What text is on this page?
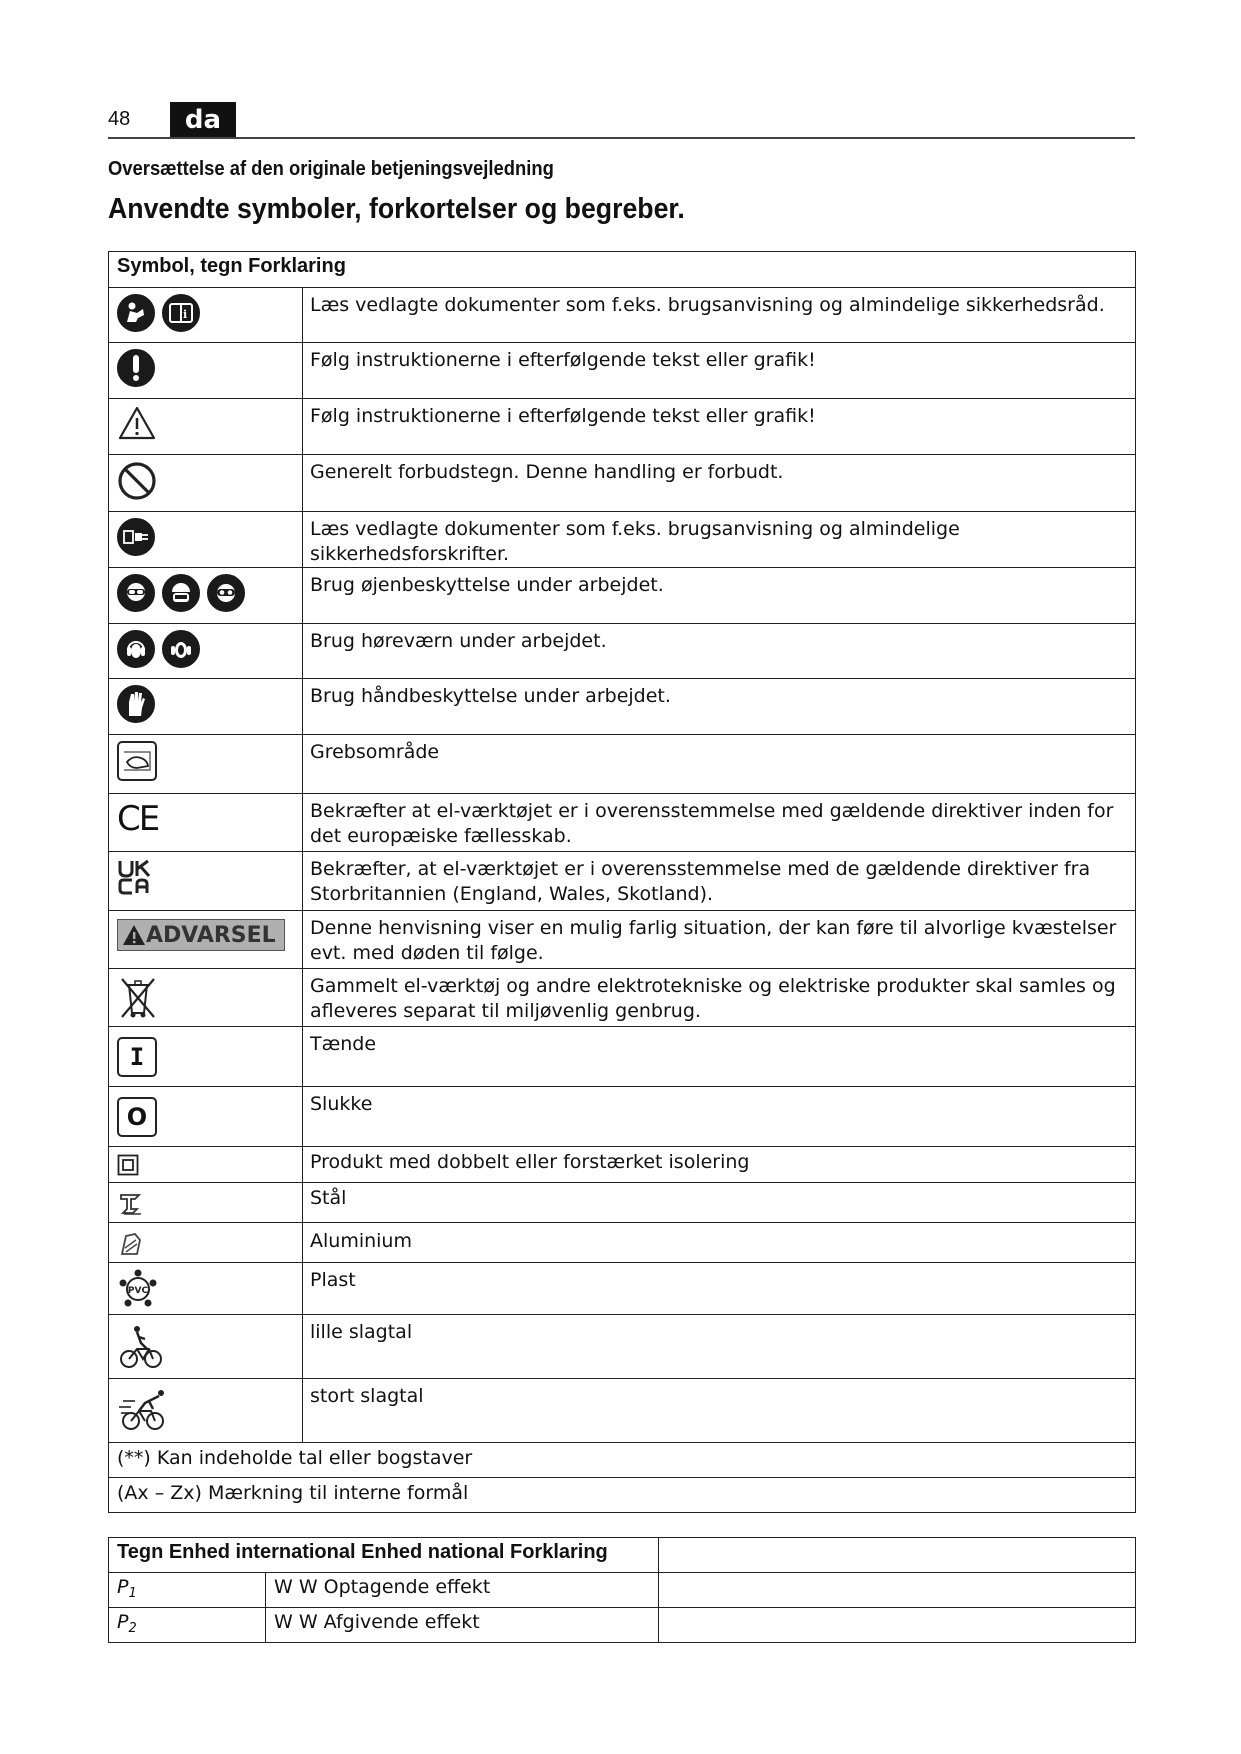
48	da
Oversættelse af den originale betjeningsvejledning
Anvendte symboler, forkortelser og begreber.
Symbol, tegn Forklaring	

i	Læs vedlagte dokumenter som f.eks. brugsanvisning og almindelige sikkerhedsråd.

	Følg instruktionerne i efterfølgende tekst eller grafik!

	Følg instruktionerne i efterfølgende tekst eller grafik!

	Generelt forbudstegn. Denne handling er forbudt.

	Læs vedlagte dokumenter som f.eks. brugsanvisning og almindelige sikkerhedsforskrifter.

	Brug øjenbeskyttelse under arbejdet.

	Brug høreværn under arbejdet.

	Brug håndbeskyttelse under arbejdet.

	Grebsområde

CE	Bekræfter at el-værktøjet er i overensstemmelse med gældende direktiver inden for det europæiske fællesskab.

	Bekræfter, at el-værktøjet er i overensstemmelse med de gældende direktiver fra Storbritannien (England, Wales, Skotland).

ADVARSEL	Denne henvisning viser en mulig farlig situation, der kan føre til alvorlige kvæstelser evt. med døden til følge.

	Gammelt el-værktøj og andre elektrotekniske og elektriske produkter skal samles og afleveres separat til miljøvenlig genbrug.

I	Tænde

O	Slukke

	Produkt med dobbelt eller forstærket isolering

	Stål

	Aluminium

PVC	Plast

	lille slagtal

	stort slagtal
(**) Kan indeholde tal eller bogstaver	
(Ax – Zx) Mærkning til interne formål	
Tegn Enhed international Enhed national Forklaring		
$P_1$	W W Optagende effekt	
$P_2$	W W Afgivende effekt	
